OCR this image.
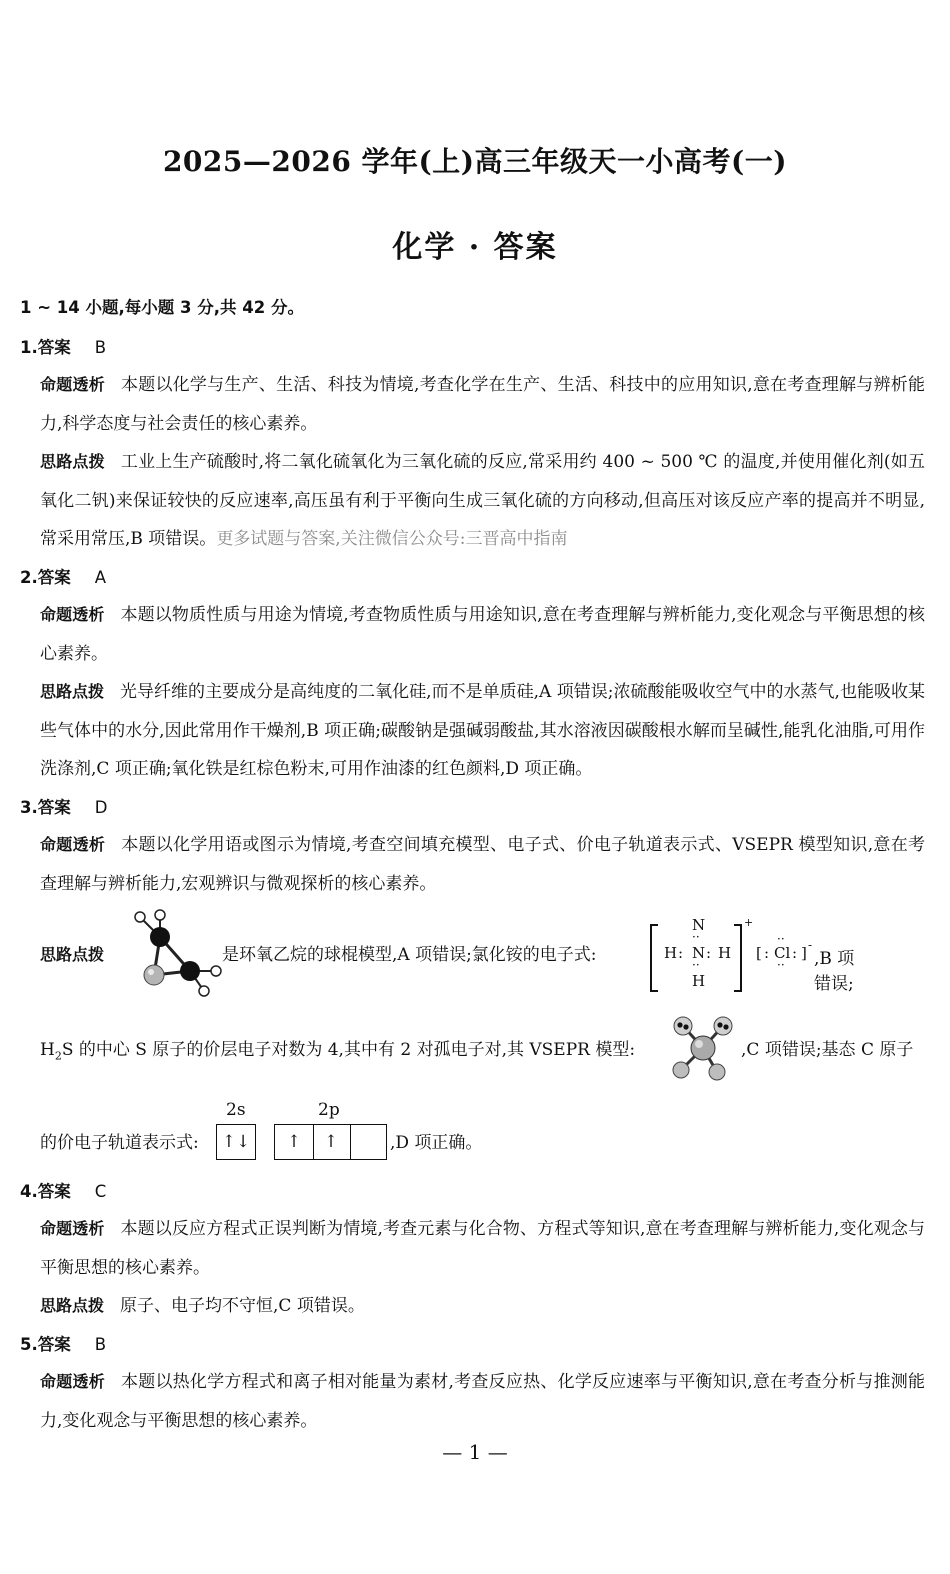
2025—2026 学年(上)高三年级天一小高考(一)
化学 · 答案
1 ~ 14 小题,每小题 3 分,共 42 分。
1.答案 B
命题透析 本题以化学与生产、生活、科技为情境,考查化学在生产、生活、科技中的应用知识,意在考查理解与辨析能力,科学态度与社会责任的核心素养。
思路点拨 工业上生产硫酸时,将二氧化硫氧化为三氧化硫的反应,常采用约 400 ~ 500 ℃ 的温度,并使用催化剂(如五氧化二钒)来保证较快的反应速率,高压虽有利于平衡向生成三氧化硫的方向移动,但高压对该反应产率的提高并不明显,常采用常压,B 项错误。更多试题与答案,关注微信公众号:三晋高中指南
2.答案 A
命题透析 本题以物质性质与用途为情境,考查物质性质与用途知识,意在考查理解与辨析能力,变化观念与平衡思想的核心素养。
思路点拨 光导纤维的主要成分是高纯度的二氧化硅,而不是单质硅,A 项错误;浓硫酸能吸收空气中的水蒸气,也能吸收某些气体中的水分,因此常用作干燥剂,B 项正确;碳酸钠是强碱弱酸盐,其水溶液因碳酸根水解而呈碱性,能乳化油脂,可用作洗涤剂,C 项正确;氧化铁是红棕色粉末,可用作油漆的红色颜料,D 项正确。
3.答案 D
命题透析 本题以化学用语或图示为情境,考查空间填充模型、电子式、价电子轨道表示式、VSEPR 模型知识,意在考查理解与辨析能力,宏观辨识与微观探析的核心素养。
思路点拨	是环氧乙烷的球棍模型,A 项错误;氯化铵的电子式:
N
H : N : H
··
··
H
+
[ : Cl :
··
··
] -
,B 项错误;
$H_2S$ 的中心 S 原子的价层电子对数为 4,其中有 2 对孤电子对,其 VSEPR 模型:	,C 项错误;基态 C 原子
的价电子轨道表示式:
2s	2p
↑↓	↑	↑	,D 项正确。
4.答案 C
命题透析 本题以反应方程式正误判断为情境,考查元素与化合物、方程式等知识,意在考查理解与辨析能力,变化观念与平衡思想的核心素养。
思路点拨 原子、电子均不守恒,C 项错误。
5.答案 B
命题透析 本题以热化学方程式和离子相对能量为素材,考查反应热、化学反应速率与平衡知识,意在考查分析与推测能力,变化观念与平衡思想的核心素养。
— 1 —
